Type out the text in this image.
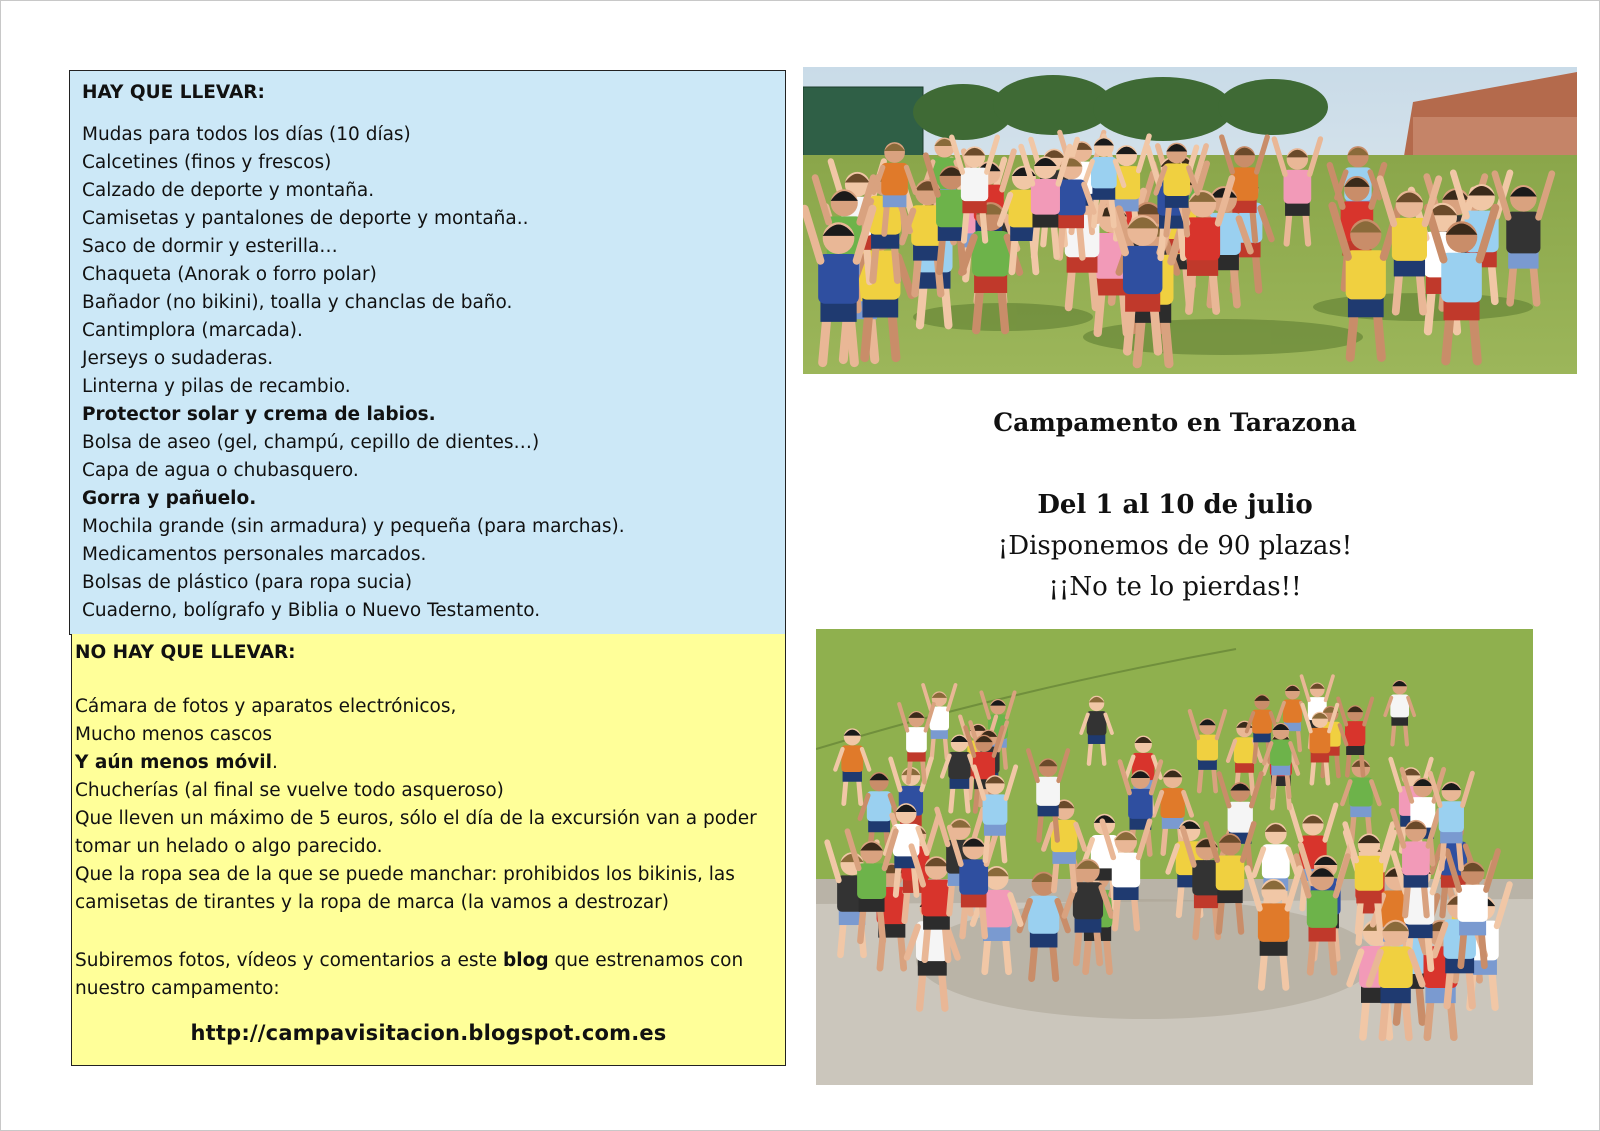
HAY QUE LLEVAR:
Mudas para todos los días (10 días)
Calcetines (finos y frescos)
Calzado de deporte y montaña.
Camisetas y pantalones de deporte y montaña..
Saco de dormir y esterilla…
Chaqueta (Anorak o forro polar)
Bañador (no bikini), toalla y chanclas de baño.
Cantimplora (marcada).
Jerseys o sudaderas.
Linterna y pilas de recambio.
Protector solar y crema de labios.
Bolsa de aseo (gel, champú, cepillo de dientes…)
Capa de agua o chubasquero.
Gorra y pañuelo.
Mochila grande (sin armadura) y pequeña (para marchas).
Medicamentos personales marcados.
Bolsas de plástico (para ropa sucia)
Cuaderno, bolígrafo y Biblia o Nuevo Testamento.
NO HAY QUE LLEVAR:
Cámara de fotos y aparatos electrónicos,
Mucho menos cascos
Y aún menos móvil.
Chucherías (al final se vuelve todo asqueroso)
Que lleven un máximo de 5 euros, sólo el día de la excursión van a poder tomar un helado o algo parecido.
Que la ropa sea de la que se puede manchar: prohibidos los bikinis, las camisetas de tirantes y la ropa de marca (la vamos a destrozar)
Subiremos fotos, vídeos y comentarios a este blog que estrenamos con nuestro campamento:
http://campavisitacion.blogspot.com.es
Campamento en Tarazona
Del 1 al 10 de julio
¡Disponemos de 90 plazas!
¡¡No te lo pierdas!!
